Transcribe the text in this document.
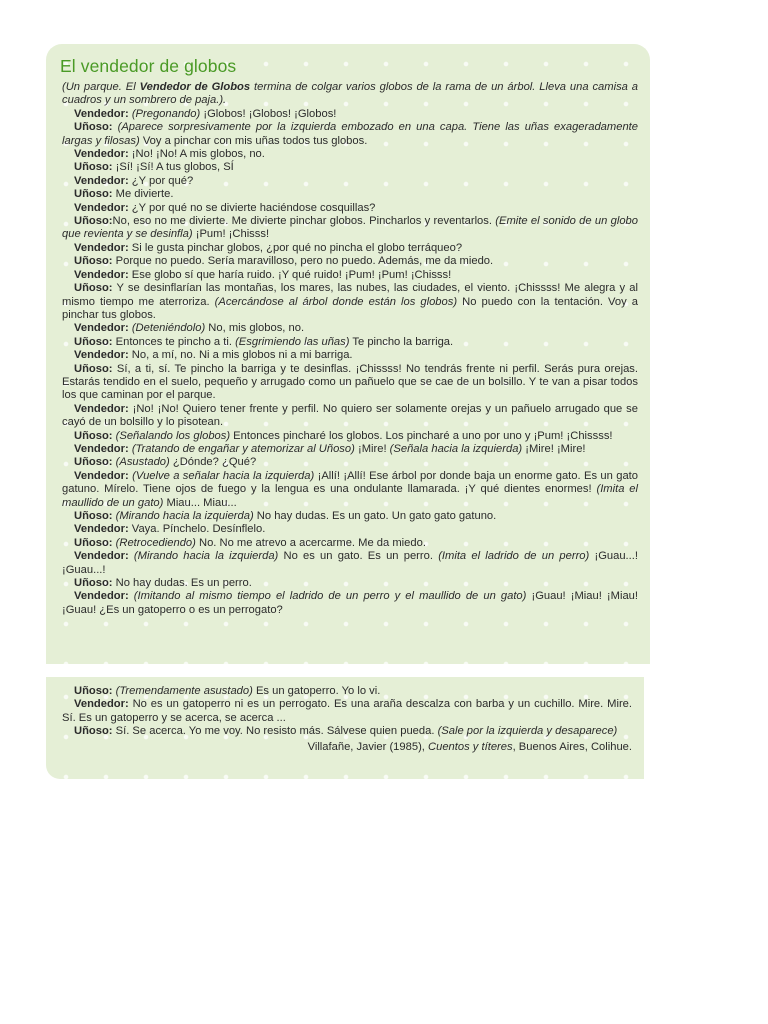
El vendedor de globos

(Un parque. El Vendedor de Globos termina de colgar varios globos de la rama de un árbol. Lleva una camisa a cuadros y un sombrero de paja.).

Vendedor: (Pregonando) ¡Globos! ¡Globos! ¡Globos!

Uñoso: (Aparece sorpresivamente por la izquierda embozado en una capa. Tiene las uñas exageradamente largas y filosas) Voy a pinchar con mis uñas todos tus globos.

Vendedor: ¡No! ¡No! A mis globos, no.

Uñoso: ¡Sí! ¡Sí! A tus globos, SÍ

Vendedor: ¿Y por qué?

Uñoso: Me divierte.

Vendedor: ¿Y por qué no se divierte haciéndose cosquillas?

Uñoso:No, eso no me divierte. Me divierte pinchar globos. Pincharlos y reventarlos. (Emite el sonido de un globo que revienta y se desinfla) ¡Pum! ¡Chisss!

Vendedor: Si le gusta pinchar globos, ¿por qué no pincha el globo terráqueo?

Uñoso: Porque no puedo. Sería maravilloso, pero no puedo. Además, me da miedo.

Vendedor: Ese globo sí que haría ruido. ¡Y qué ruido! ¡Pum! ¡Pum! ¡Chisss!

Uñoso: Y se desinflarían las montañas, los mares, las nubes, las ciudades, el viento. ¡Chissss! Me alegra y al mismo tiempo me aterroriza. (Acercándose al árbol donde están los globos) No puedo con la tentación. Voy a pinchar tus globos.

Vendedor: (Deteniéndolo) No, mis globos, no.

Uñoso: Entonces te pincho a ti. (Esgrimiendo las uñas) Te pincho la barriga.

Vendedor: No, a mí, no. Ni a mis globos ni a mi barriga.

Uñoso: Sí, a ti, sí. Te pincho la barriga y te desinflas. ¡Chissss! No tendrás frente ni perfil. Serás pura orejas. Estarás tendido en el suelo, pequeño y arrugado como un pañuelo que se cae de un bolsillo. Y te van a pisar todos los que caminan por el parque.

Vendedor: ¡No! ¡No! Quiero tener frente y perfil. No quiero ser solamente orejas y un pañuelo arrugado que se cayó de un bolsillo y lo pisotean.

Uñoso: (Señalando los globos) Entonces pincharé los globos. Los pincharé a uno por uno y ¡Pum! ¡Chissss!

Vendedor: (Tratando de engañar y atemorizar al Uñoso) ¡Mire! (Señala hacia la izquierda) ¡Mire! ¡Mire!

Uñoso: (Asustado) ¿Dónde? ¿Qué?

Vendedor: (Vuelve a señalar hacia la izquierda) ¡Allí! ¡Allí! Ese árbol por donde baja un enorme gato. Es un gato gatuno. Mírelo. Tiene ojos de fuego y la lengua es una ondulante llamarada. ¡Y qué dientes enormes! (Imita el maullido de un gato) Miau... Miau...

Uñoso: (Mirando hacia la izquierda) No hay dudas. Es un gato. Un gato gato gatuno.

Vendedor: Vaya. Pínchelo. Desínflelo.

Uñoso: (Retrocediendo) No. No me atrevo a acercarme. Me da miedo.

Vendedor: (Mirando hacia la izquierda) No es un gato. Es un perro. (Imita el ladrido de un perro) ¡Guau...! ¡Guau...!

Uñoso: No hay dudas. Es un perro.

Vendedor: (Imitando al mismo tiempo el ladrido de un perro y el maullido de un gato) ¡Guau! ¡Miau! ¡Miau! ¡Guau! ¿Es un gatoperro o es un perrogato?

Uñoso: (Tremendamente asustado) Es un gatoperro. Yo lo vi.

Vendedor: No es un gatoperro ni es un perrogato. Es una araña descalza con barba y un cuchillo. Mire. Mire. Sí. Es un gatoperro y se acerca, se acerca ...

Uñoso: Sí. Se acerca. Yo me voy. No resisto más. Sálvese quien pueda. (Sale por la izquierda y desaparece)

Villafañe, Javier (1985), Cuentos y títeres, Buenos Aires, Colihue.
